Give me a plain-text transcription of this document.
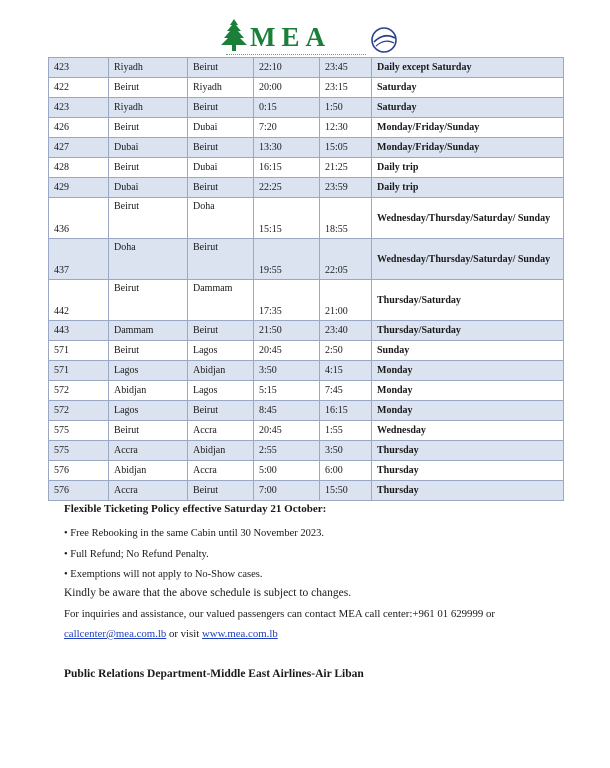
MEA
423	Riyadh	Beirut	22:10	23:45	Daily except Saturday
422	Beirut	Riyadh	20:00	23:15	Saturday
423	Riyadh	Beirut	0:15	1:50	Saturday
426	Beirut	Dubai	7:20	12:30	Monday/Friday/Sunday
427	Dubai	Beirut	13:30	15:05	Monday/Friday/Sunday
428	Beirut	Dubai	16:15	21:25	Daily trip
429	Dubai	Beirut	22:25	23:59	Daily trip
436	Beirut	Doha	15:15	18:55	Wednesday/Thursday/Saturday/ Sunday
437	Doha	Beirut	19:55	22:05	Wednesday/Thursday/Saturday/ Sunday
442	Beirut	Dammam	17:35	21:00	Thursday/Saturday
443	Dammam	Beirut	21:50	23:40	Thursday/Saturday
571	Beirut	Lagos	20:45	2:50	Sunday
571	Lagos	Abidjan	3:50	4:15	Monday
572	Abidjan	Lagos	5:15	7:45	Monday
572	Lagos	Beirut	8:45	16:15	Monday
575	Beirut	Accra	20:45	1:55	Wednesday
575	Accra	Abidjan	2:55	3:50	Thursday
576	Abidjan	Accra	5:00	6:00	Thursday
576	Accra	Beirut	7:00	15:50	Thursday
Flexible Ticketing Policy effective Saturday 21 October:
• Free Rebooking in the same Cabin until 30 November 2023.
• Full Refund; No Refund Penalty.
• Exemptions will not apply to No-Show cases.
Kindly be aware that the above schedule is subject to changes.
For inquiries and assistance, our valued passengers can contact MEA call center:+961 01 629999 or
callcenter@mea.com.lb or visit www.mea.com.lb
Public Relations Department-Middle East Airlines-Air Liban
